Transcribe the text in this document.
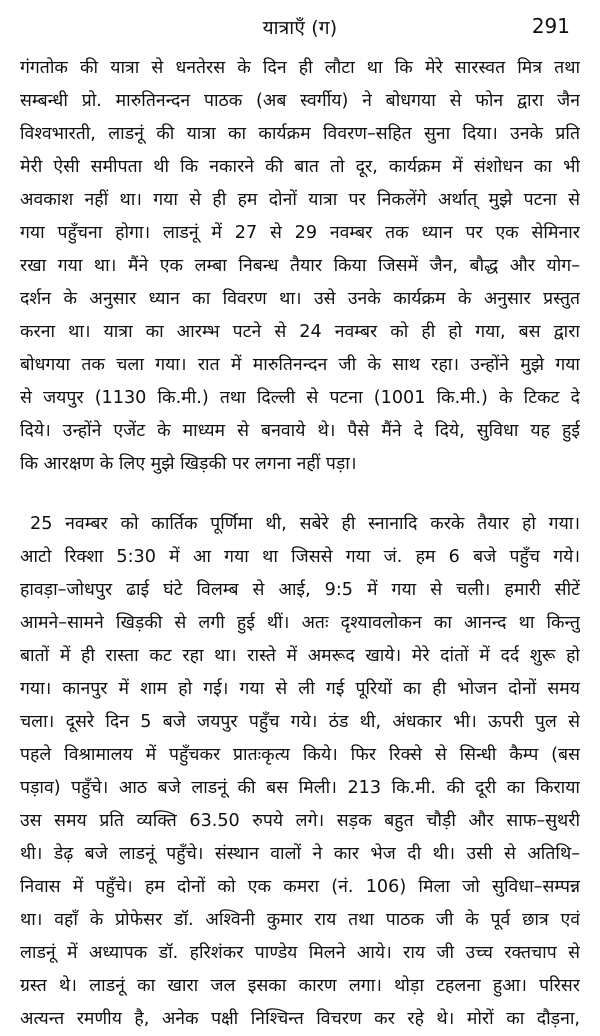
यात्राएँ (ग)	291
गंगतोक की यात्रा से धनतेरस के दिन ही लौटा था कि मेरे सारस्वत मित्र तथा
सम्बन्धी प्रो. मारुतिनन्दन पाठक (अब स्वर्गीय) ने बोधगया से फोन द्वारा जैन
विश्वभारती, लाडनूं की यात्रा का कार्यक्रम विवरण–सहित सुना दिया। उनके प्रति
मेरी ऐसी समीपता थी कि नकारने की बात तो दूर, कार्यक्रम में संशोधन का भी
अवकाश नहीं था। गया से ही हम दोनों यात्रा पर निकलेंगे अर्थात् मुझे पटना से
गया पहुँचना होगा। लाडनूं में 27 से 29 नवम्बर तक ध्यान पर एक सेमिनार
रखा गया था। मैंने एक लम्बा निबन्ध तैयार किया जिसमें जैन, बौद्ध और योग–
दर्शन के अनुसार ध्यान का विवरण था। उसे उनके कार्यक्रम के अनुसार प्रस्तुत
करना था। यात्रा का आरम्भ पटने से 24 नवम्बर को ही हो गया, बस द्वारा
बोधगया तक चला गया। रात में मारुतिनन्दन जी के साथ रहा। उन्होंने मुझे गया
से जयपुर (1130 कि.मी.) तथा दिल्ली से पटना (1001 कि.मी.) के टिकट दे
दिये। उन्होंने एजेंट के माध्यम से बनवाये थे। पैसे मैंने दे दिये, सुविधा यह हुई
कि आरक्षण के लिए मुझे खिड़की पर लगना नहीं पड़ा।
25 नवम्बर को कार्तिक पूर्णिमा थी, सबेरे ही स्नानादि करके तैयार हो गया।
आटो रिक्शा 5:30 में आ गया था जिससे गया जं. हम 6 बजे पहुँच गये।
हावड़ा–जोधपुर ढाई घंटे विलम्ब से आई, 9:5 में गया से चली। हमारी सीटें
आमने–सामने खिड़की से लगी हुई थीं। अतः दृश्यावलोकन का आनन्द था किन्तु
बातों में ही रास्ता कट रहा था। रास्ते में अमरूद खाये। मेरे दांतों में दर्द शुरू हो
गया। कानपुर में शाम हो गई। गया से ली गई पूरियों का ही भोजन दोनों समय
चला। दूसरे दिन 5 बजे जयपुर पहुँच गये। ठंड थी, अंधकार भी। ऊपरी पुल से
पहले विश्रामालय में पहुँचकर प्रातःकृत्य किये। फिर रिक्से से सिन्धी कैम्प (बस
पड़ाव) पहुँचे। आठ बजे लाडनूं की बस मिली। 213 कि.मी. की दूरी का किराया
उस समय प्रति व्यक्ति 63.50 रुपये लगे। सड़क बहुत चौड़ी और साफ–सुथरी
थी। डेढ़ बजे लाडनूं पहुँचे। संस्थान वालों ने कार भेज दी थी। उसी से अतिथि–
निवास में पहुँचे। हम दोनों को एक कमरा (नं. 106) मिला जो सुविधा–सम्पन्न
था। वहाँ के प्रोफेसर डॉ. अश्विनी कुमार राय तथा पाठक जी के पूर्व छात्र एवं
लाडनूं में अध्यापक डॉ. हरिशंकर पाण्डेय मिलने आये। राय जी उच्च रक्तचाप से
ग्रस्त थे। लाडनूं का खारा जल इसका कारण लगा। थोड़ा टहलना हुआ। परिसर
अत्यन्त रमणीय है, अनेक पक्षी निश्चिन्त विचरण कर रहे थे। मोरों का दौड़ना,
